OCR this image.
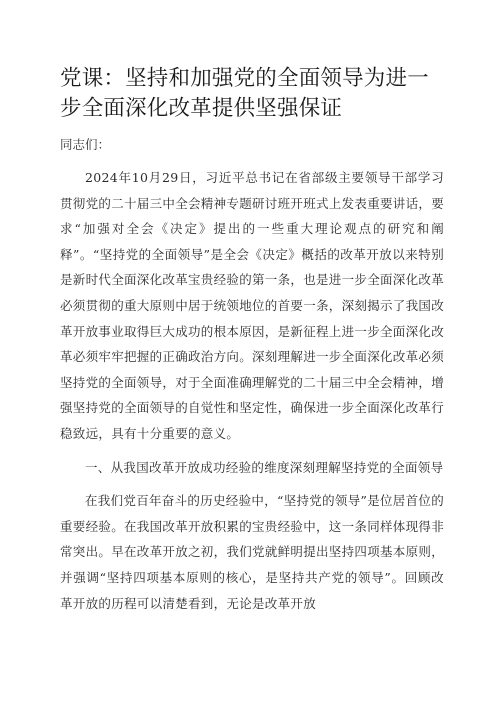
党课：坚持和加强党的全面领导为进一步全面深化改革提供坚强保证

同志们：

2024年10月29日，习近平总书记在省部级主要领导干部学习贯彻党的二十届三中全会精神专题研讨班开班式上发表重要讲话，要求“加强对全会《决定》提出的一些重大理论观点的研究和阐释”。“坚持党的全面领导”是全会《决定》概括的改革开放以来特别是新时代全面深化改革宝贵经验的第一条，也是进一步全面深化改革必须贯彻的重大原则中居于统领地位的首要一条，深刻揭示了我国改革开放事业取得巨大成功的根本原因，是新征程上进一步全面深化改革必须牢牢把握的正确政治方向。深刻理解进一步全面深化改革必须坚持党的全面领导，对于全面准确理解党的二十届三中全会精神，增强坚持党的全面领导的自觉性和坚定性，确保进一步全面深化改革行稳致远，具有十分重要的意义。

一、从我国改革开放成功经验的维度深刻理解坚持党的全面领导

在我们党百年奋斗的历史经验中，“坚持党的领导”是位居首位的重要经验。在我国改革开放积累的宝贵经验中，这一条同样体现得非常突出。早在改革开放之初，我们党就鲜明提出坚持四项基本原则，并强调“坚持四项基本原则的核心，是坚持共产党的领导”。回顾改革开放的历程可以清楚看到，无论是改革开放
